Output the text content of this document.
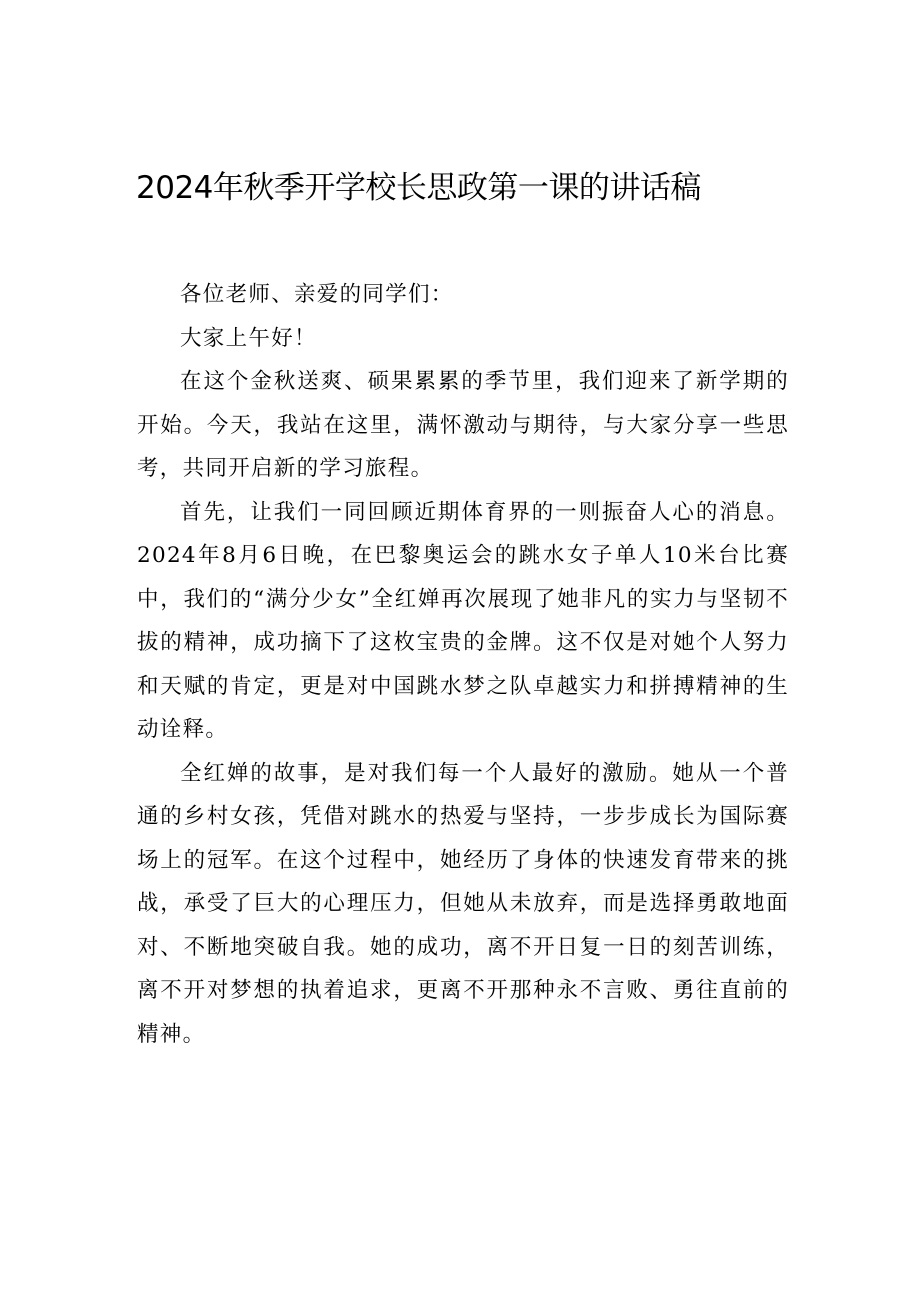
2024年秋季开学校长思政第一课的讲话稿

各位老师、亲爱的同学们：

大家上午好！

在这个金秋送爽、硕果累累的季节里，我们迎来了新学期的开始。今天，我站在这里，满怀激动与期待，与大家分享一些思考，共同开启新的学习旅程。

首先，让我们一同回顾近期体育界的一则振奋人心的消息。2024年8月6日晚，在巴黎奥运会的跳水女子单人10米台比赛中，我们的“满分少女”全红婵再次展现了她非凡的实力与坚韧不拔的精神，成功摘下了这枚宝贵的金牌。这不仅是对她个人努力和天赋的肯定，更是对中国跳水梦之队卓越实力和拼搏精神的生动诠释。

全红婵的故事，是对我们每一个人最好的激励。她从一个普通的乡村女孩，凭借对跳水的热爱与坚持，一步步成长为国际赛场上的冠军。在这个过程中，她经历了身体的快速发育带来的挑战，承受了巨大的心理压力，但她从未放弃，而是选择勇敢地面对、不断地突破自我。她的成功，离不开日复一日的刻苦训练，离不开对梦想的执着追求，更离不开那种永不言败、勇往直前的精神。
